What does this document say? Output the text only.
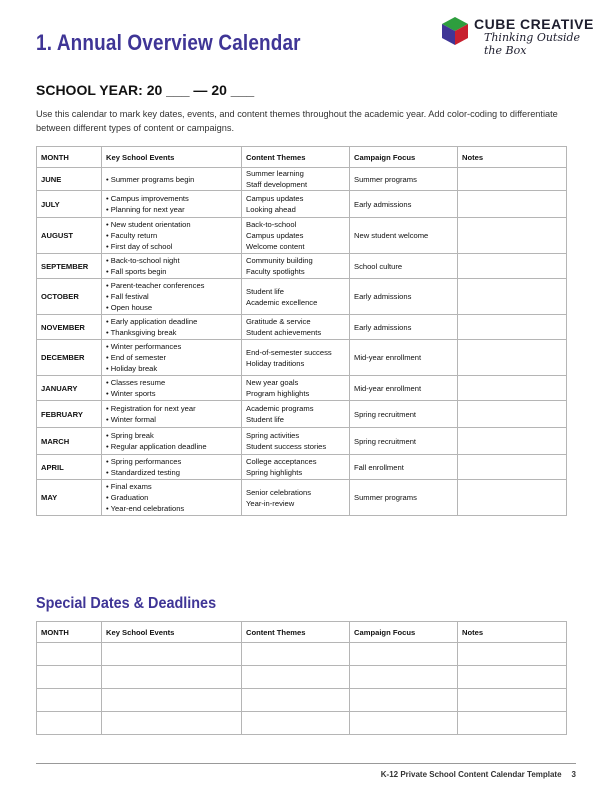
1. Annual Overview Calendar
CUBE CREATIVE
Thinking Outside the Box
SCHOOL YEAR: 20 ___ — 20 ___
Use this calendar to mark key dates, events, and content themes throughout the academic year. Add color-coding to differentiate between different types of content or campaigns.
MONTH	Key School Events	Content Themes	Campaign Focus	Notes
JUNE	• Summer programs begin	Summer learning
Staff development	Summer programs	
JULY	• Campus improvements
• Planning for next year	Campus updates
Looking ahead	Early admissions	
AUGUST	• New student orientation
• Faculty return
• First day of school	Back-to-school
Campus updates
Welcome content	New student welcome	
SEPTEMBER	• Back-to-school night
• Fall sports begin	Community building
Faculty spotlights	School culture	
OCTOBER	• Parent-teacher conferences
• Fall festival
• Open house	Student life
Academic excellence	Early admissions	
NOVEMBER	• Early application deadline
• Thanksgiving break	Gratitude & service
Student achievements	Early admissions	
DECEMBER	• Winter performances
• End of semester
• Holiday break	End-of-semester success
Holiday traditions	Mid-year enrollment	
JANUARY	• Classes resume
• Winter sports	New year goals
Program highlights	Mid-year enrollment	
FEBRUARY	• Registration for next year
• Winter formal	Academic programs
Student life	Spring recruitment	
MARCH	• Spring break
• Regular application deadline	Spring activities
Student success stories	Spring recruitment	
APRIL	• Spring performances
• Standardized testing	College acceptances
Spring highlights	Fall enrollment	
MAY	• Final exams
• Graduation
• Year-end celebrations	Senior celebrations
Year-in-review	Summer programs	
Special Dates & Deadlines
MONTH	Key School Events	Content Themes	Campaign Focus	Notes

K-12 Private School Content Calendar Template 3
